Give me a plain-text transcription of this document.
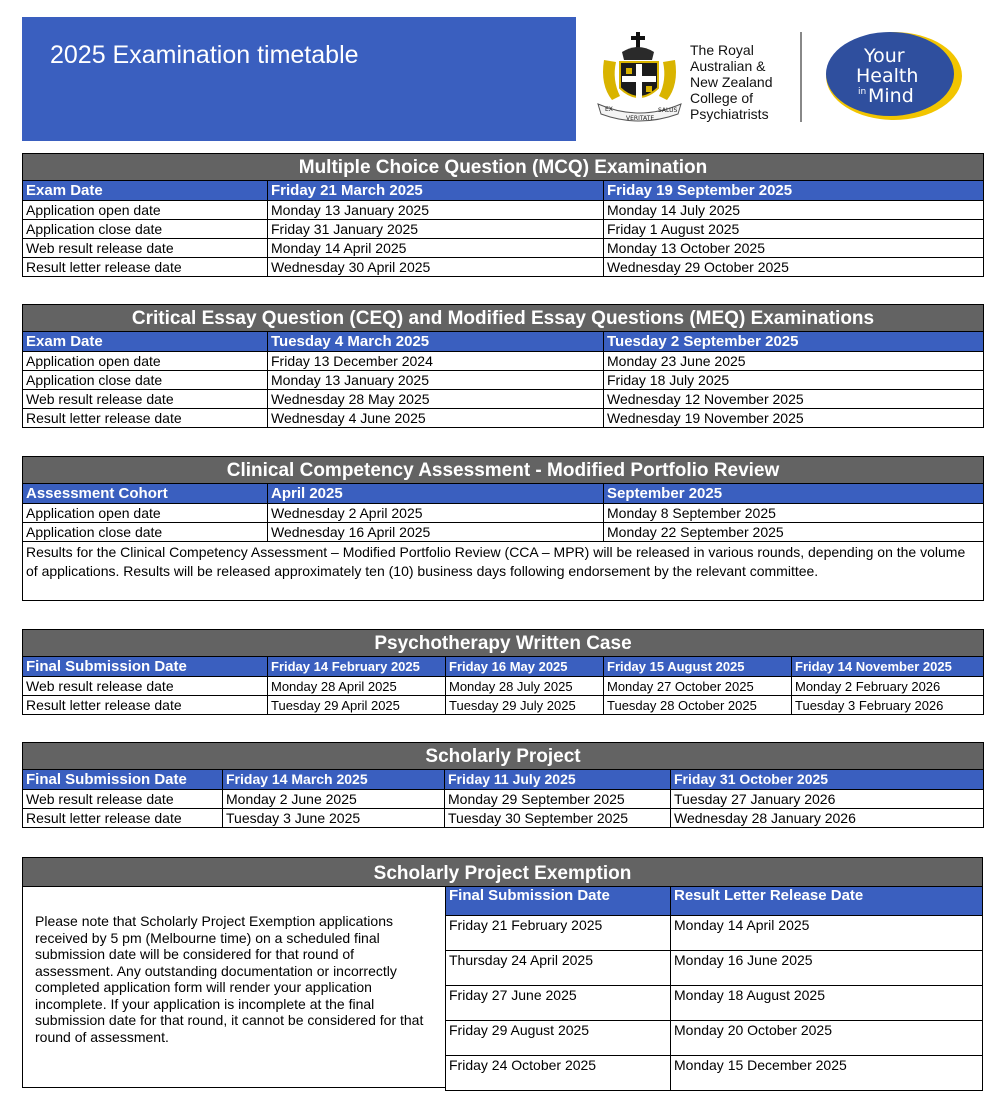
2025 Examination timetable
EX
VERITATE
SALUS
The Royal
Australian &
New Zealand
College of
Psychiatrists
Your
Health
in Mind
Multiple Choice Question (MCQ) Examination		
Exam Date	Friday 21 March 2025	Friday 19 September 2025
Application open date	Monday 13 January 2025	Monday 14 July 2025
Application close date	Friday 31 January 2025	Friday 1 August 2025
Web result release date	Monday 14 April 2025	Monday 13 October 2025
Result letter release date	Wednesday 30 April 2025	Wednesday 29 October 2025
Critical Essay Question (CEQ) and Modified Essay Questions (MEQ) Examinations		
Exam Date	Tuesday 4 March 2025	Tuesday 2 September 2025
Application open date	Friday 13 December 2024	Monday 23 June 2025
Application close date	Monday 13 January 2025	Friday 18 July 2025
Web result release date	Wednesday 28 May 2025	Wednesday 12 November 2025
Result letter release date	Wednesday 4 June 2025	Wednesday 19 November 2025
Clinical Competency Assessment - Modified Portfolio Review		
Assessment Cohort	April 2025	September 2025
Application open date	Wednesday 2 April 2025	Monday 8 September 2025
Application close date	Wednesday 16 April 2025	Monday 22 September 2025
Results for the Clinical Competency Assessment – Modified Portfolio Review (CCA – MPR) will be released in various rounds, depending on the volume of applications. Results will be released approximately ten (10) business days following endorsement by the relevant committee.		
Psychotherapy Written Case				
Final Submission Date	Friday 14 February 2025	Friday 16 May 2025	Friday 15 August 2025	Friday 14 November 2025
Web result release date	Monday 28 April 2025	Monday 28 July 2025	Monday 27 October 2025	Monday 2 February 2026
Result letter release date	Tuesday 29 April 2025	Tuesday 29 July 2025	Tuesday 28 October 2025	Tuesday 3 February 2026
Scholarly Project			
Final Submission Date	Friday 14 March 2025	Friday 11 July 2025	Friday 31 October 2025
Web result release date	Monday 2 June 2025	Monday 29 September 2025	Tuesday 27 January 2026
Result letter release date	Tuesday 3 June 2025	Tuesday 30 September 2025	Wednesday 28 January 2026
Scholarly Project Exemption

Please note that Scholarly Project Exemption applications received by 5 pm (Melbourne time) on a scheduled final submission date will be considered for that round of assessment. Any outstanding documentation or incorrectly completed application form will render your application incomplete. If your application is incomplete at the final submission date for that round, it cannot be considered for that round of assessment.

Final Submission Date	Result Letter Release Date
Friday 21 February 2025	Monday 14 April 2025
Thursday 24 April 2025	Monday 16 June 2025
Friday 27 June 2025	Monday 18 August 2025
Friday 29 August 2025	Monday 20 October 2025
Friday 24 October 2025	Monday 15 December 2025
